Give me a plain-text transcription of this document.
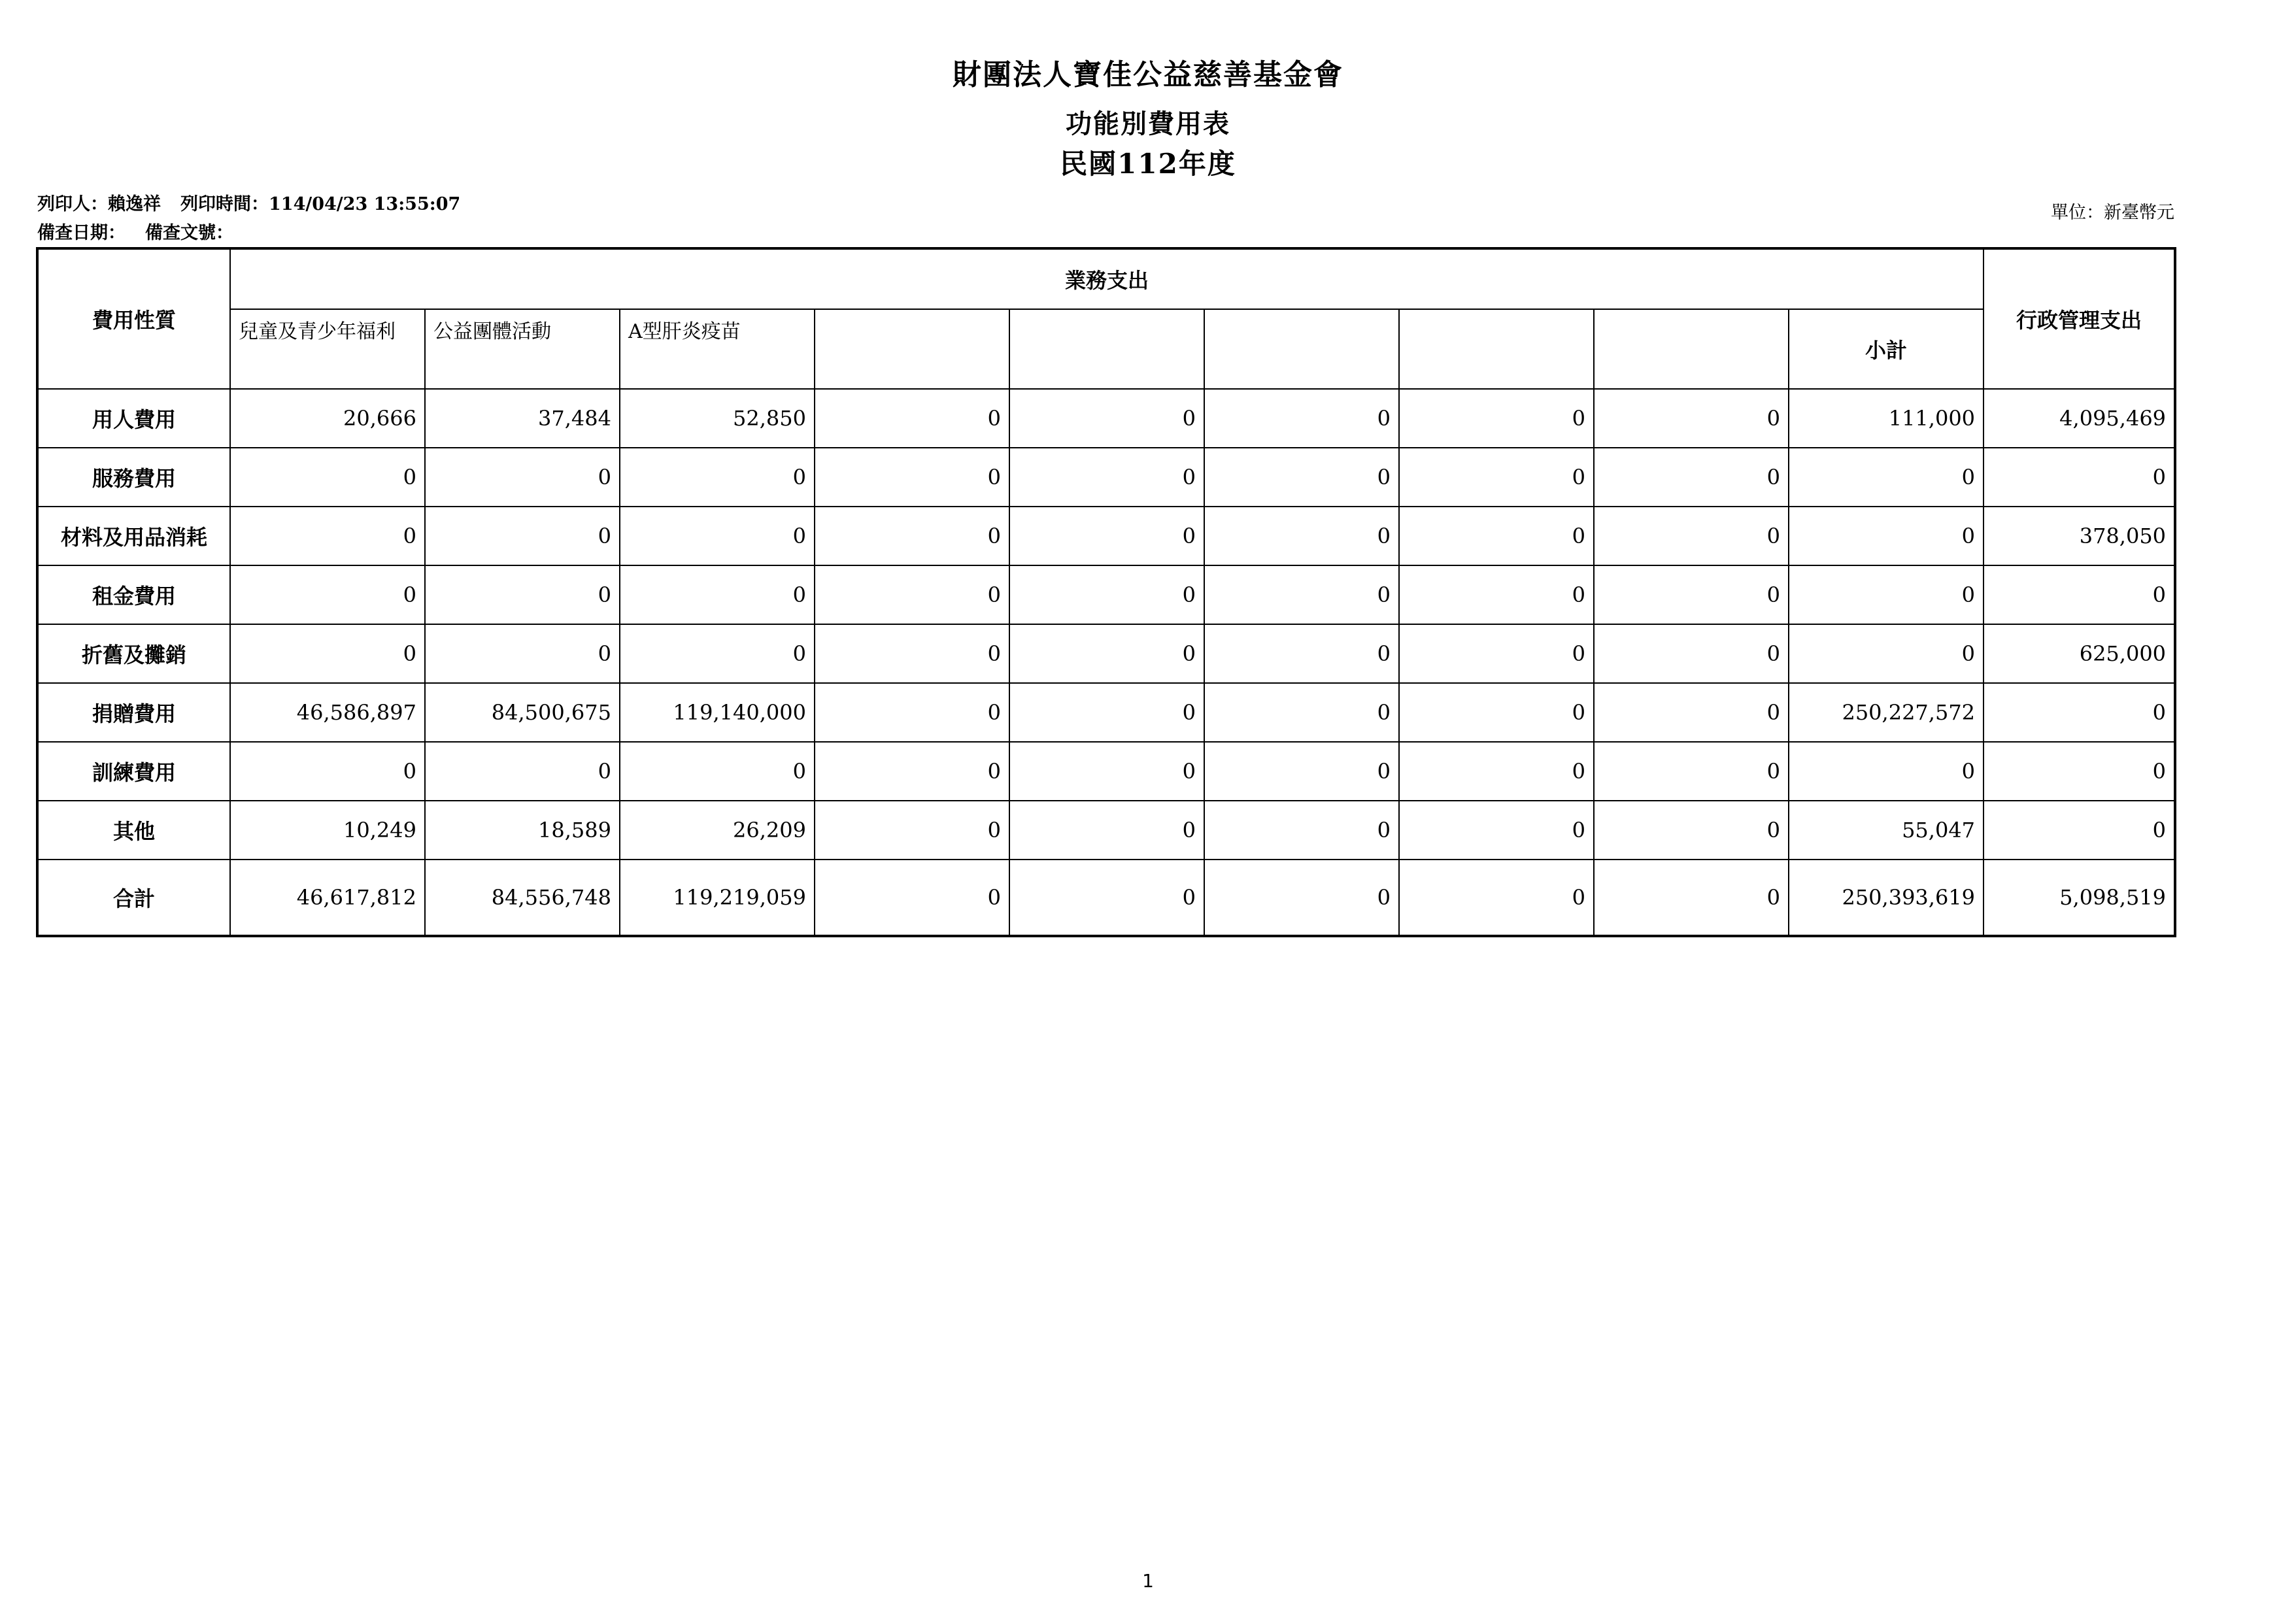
財團法人寶佳公益慈善基金會
功能別費用表
民國112年度
列印人：賴逸祥 列印時間：114/04/23 13:55:07
備查日期： 備查文號：
單位：新臺幣元
費用性質	業務支出									行政管理支出
	兒童及青少年福利	公益團體活動	A型肝炎疫苗						小計	
用人費用	20,666	37,484	52,850	0	0	0	0	0	111,000	4,095,469
服務費用	0	0	0	0	0	0	0	0	0	0
材料及用品消耗	0	0	0	0	0	0	0	0	0	378,050
租金費用	0	0	0	0	0	0	0	0	0	0
折舊及攤銷	0	0	0	0	0	0	0	0	0	625,000
捐贈費用	46,586,897	84,500,675	119,140,000	0	0	0	0	0	250,227,572	0
訓練費用	0	0	0	0	0	0	0	0	0	0
其他	10,249	18,589	26,209	0	0	0	0	0	55,047	0
合計	46,617,812	84,556,748	119,219,059	0	0	0	0	0	250,393,619	5,098,519
1
